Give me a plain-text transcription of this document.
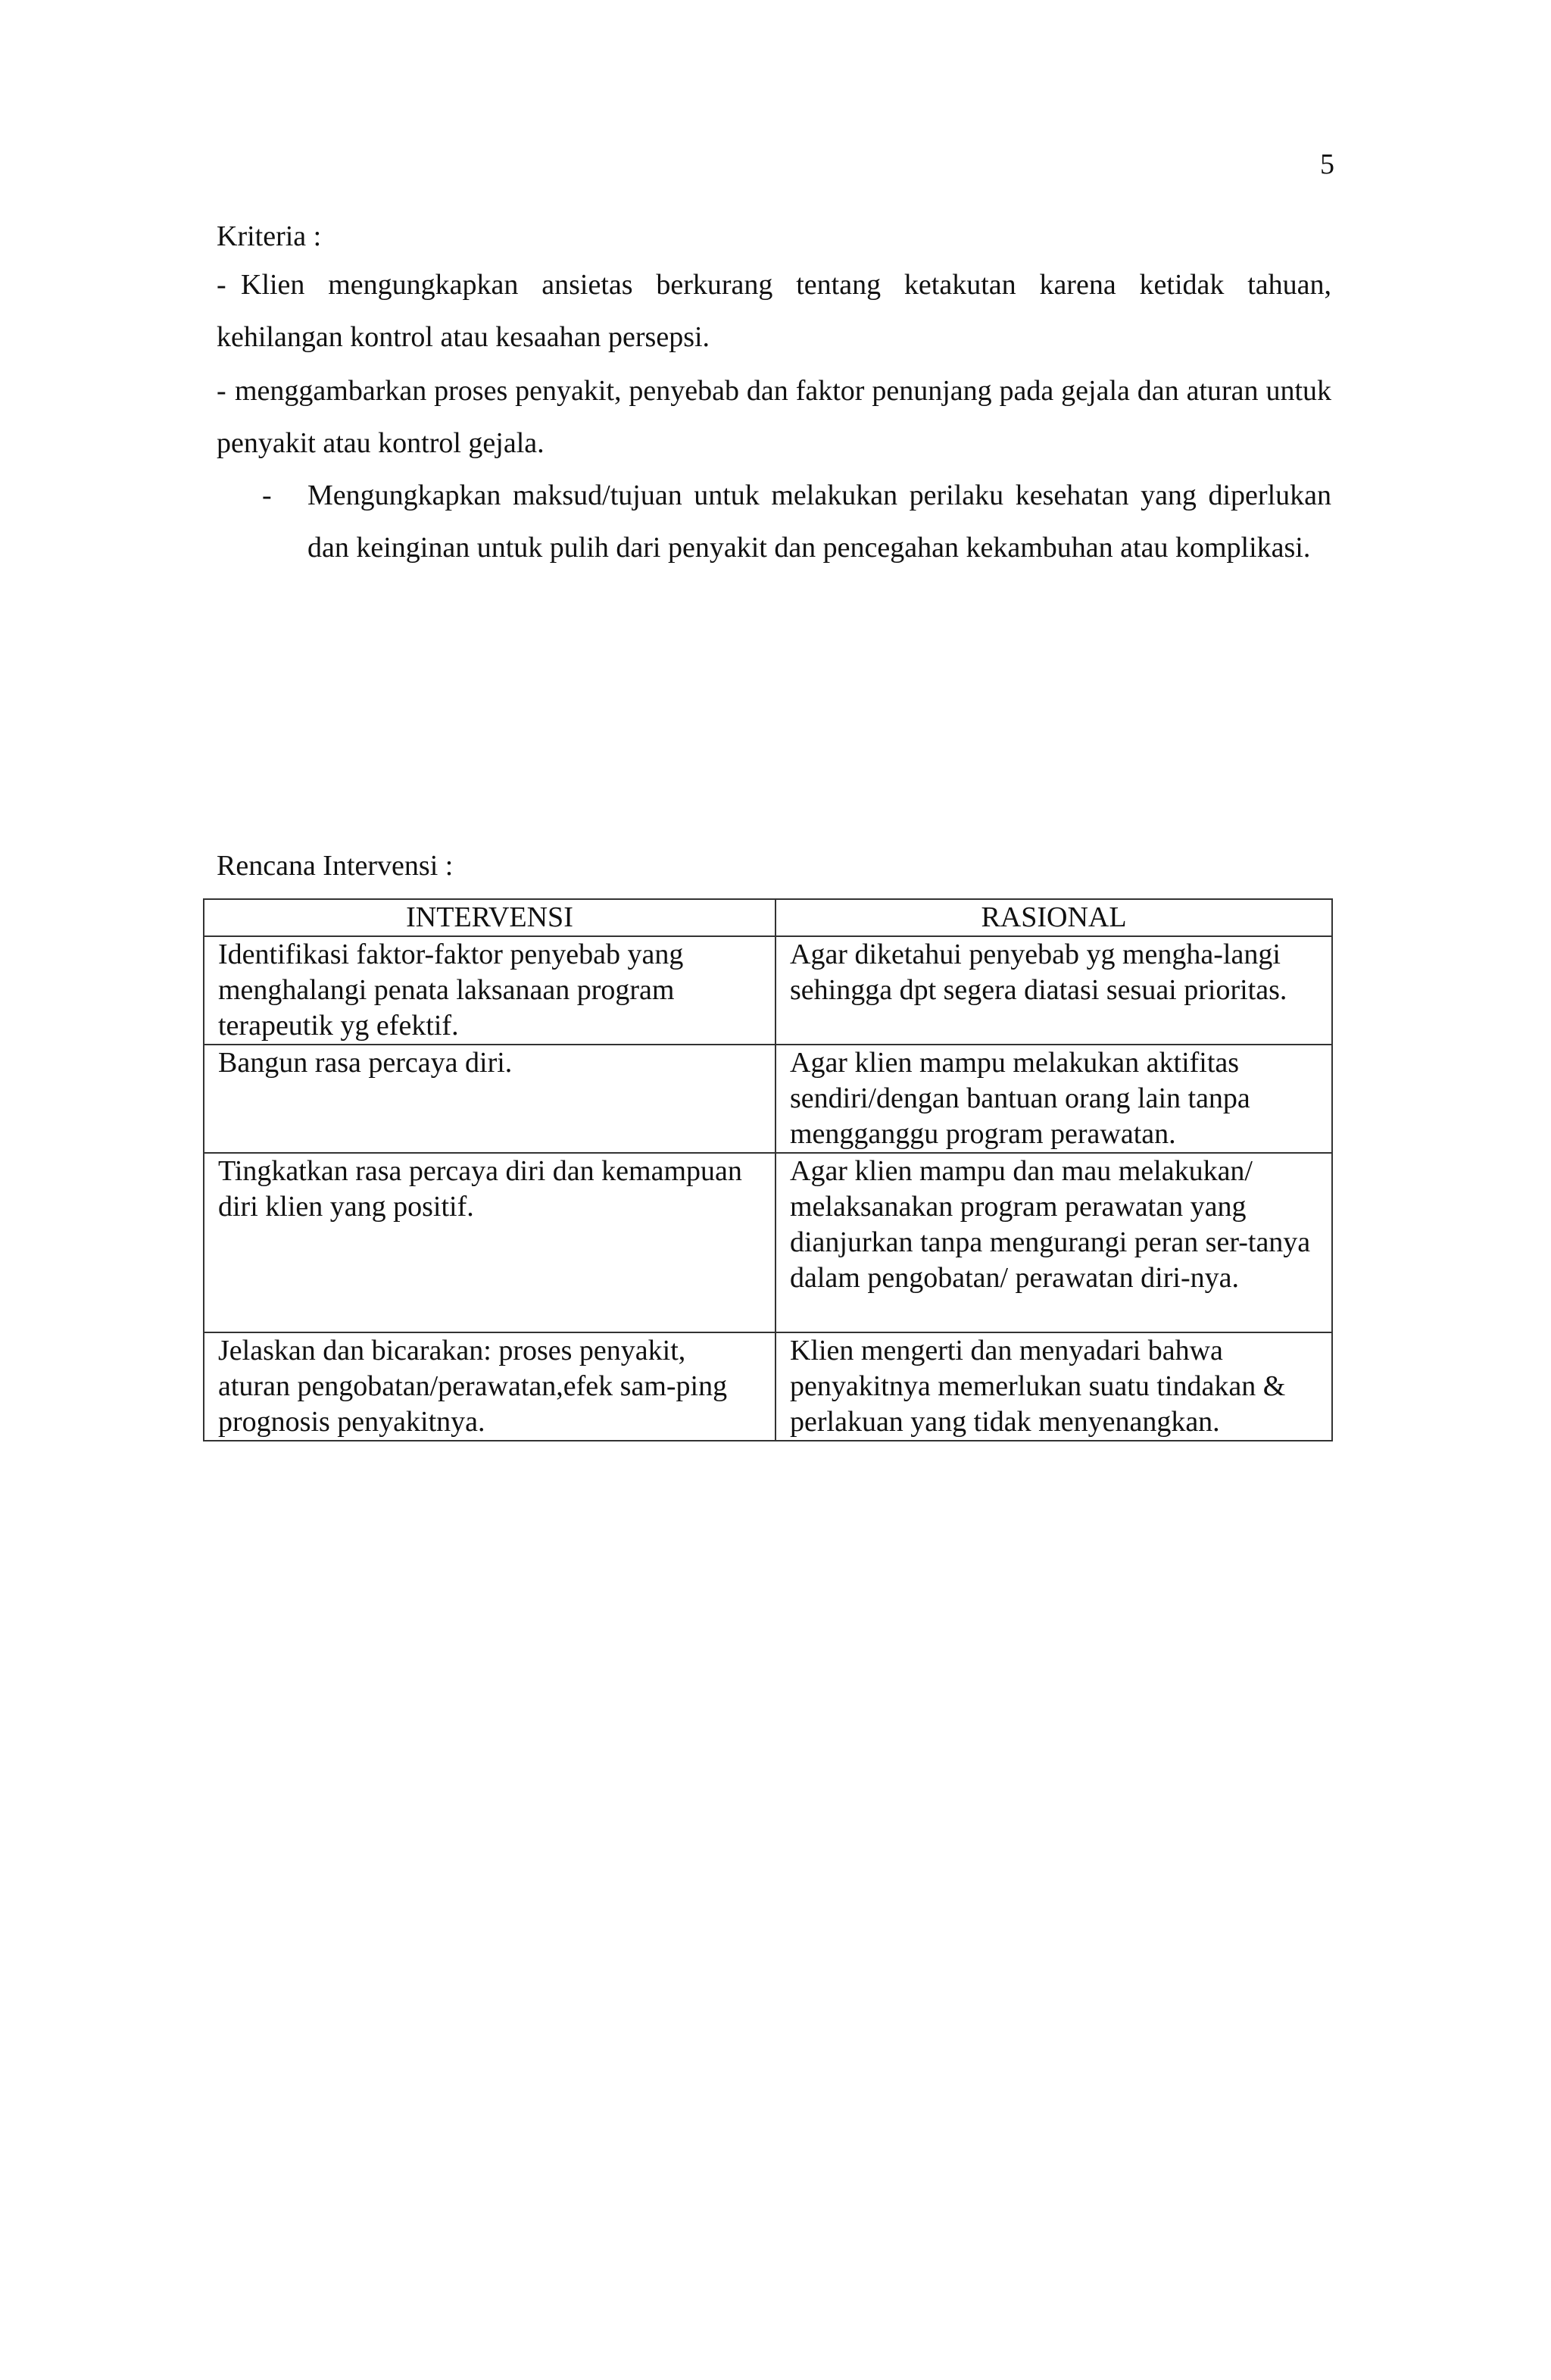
5
Kriteria :
- Klien mengungkapkan ansietas berkurang tentang ketakutan karena ketidak tahuan, kehilangan kontrol atau kesaahan persepsi.
- menggambarkan proses penyakit, penyebab dan faktor penunjang pada gejala dan aturan untuk penyakit atau kontrol gejala.
- Mengungkapkan maksud/tujuan untuk melakukan perilaku kesehatan yang diperlukan dan keinginan untuk pulih dari penyakit dan pencegahan kekambuhan atau komplikasi.
Rencana Intervensi :
INTERVENSI	RASIONAL
Identifikasi faktor-faktor penyebab yang menghalangi penata laksanaan program terapeutik yg efektif.	Agar diketahui penyebab yg mengha-langi sehingga dpt segera diatasi sesuai prioritas.
Bangun rasa percaya diri.	Agar klien mampu melakukan aktifitas sendiri/dengan bantuan orang lain tanpa mengganggu program perawatan.
Tingkatkan rasa percaya diri dan kemampuan diri klien yang positif.	Agar klien mampu dan mau melakukan/ melaksanakan program perawatan yang dianjurkan tanpa mengurangi peran ser-tanya dalam pengobatan/ perawatan diri-nya.
Jelaskan dan bicarakan: proses penyakit, aturan pengobatan/perawatan,efek sam-ping prognosis penyakitnya.	Klien mengerti dan menyadari bahwa penyakitnya memerlukan suatu tindakan & perlakuan yang tidak menyenangkan.
